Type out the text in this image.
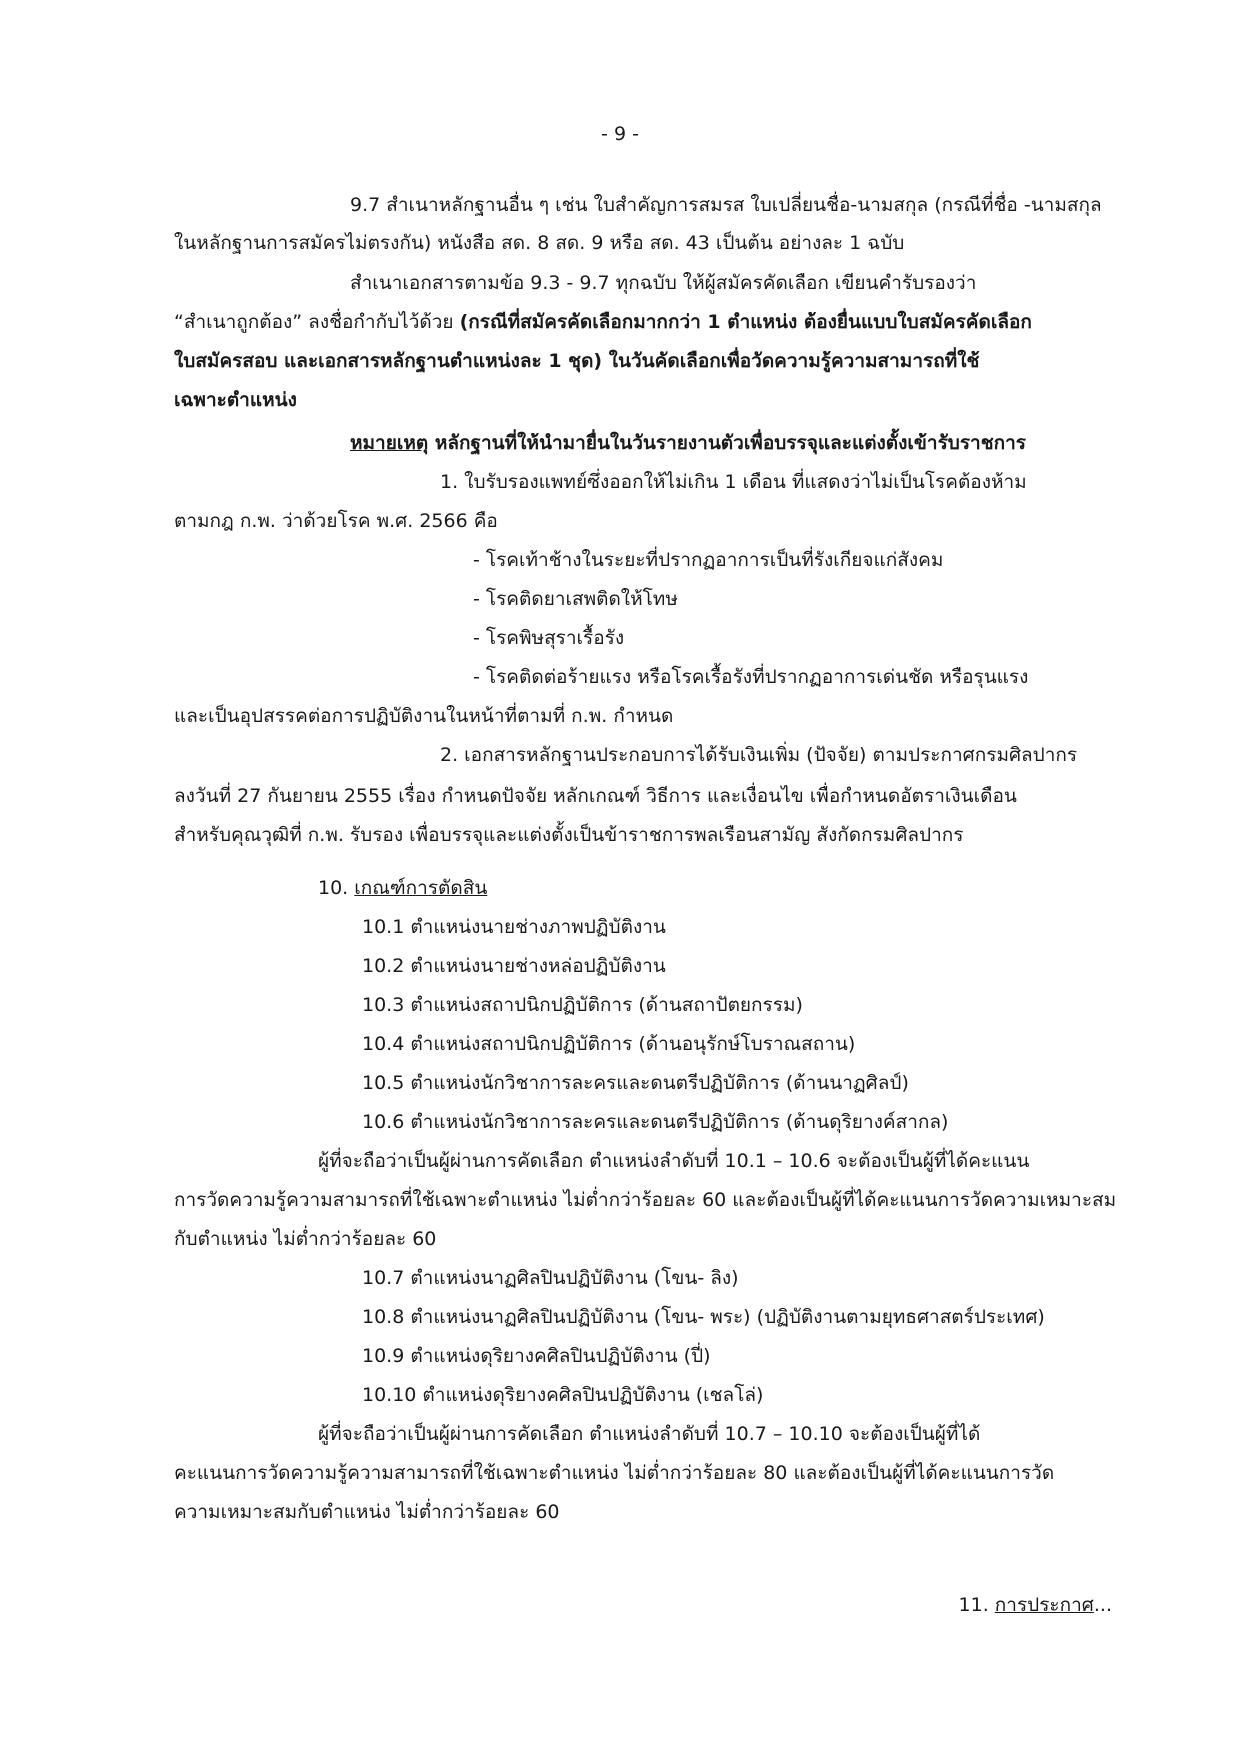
- 9 -
9.7 สำเนาหลักฐานอื่น ๆ เช่น ใบสำคัญการสมรส ใบเปลี่ยนชื่อ-นามสกุล (กรณีที่ชื่อ -นามสกุล
ในหลักฐานการสมัครไม่ตรงกัน) หนังสือ สด. 8 สด. 9 หรือ สด. 43 เป็นต้น อย่างละ 1 ฉบับ
สำเนาเอกสารตามข้อ 9.3 - 9.7 ทุกฉบับ ให้ผู้สมัครคัดเลือก เขียนคำรับรองว่า
“สำเนาถูกต้อง” ลงชื่อกำกับไว้ด้วย (กรณีที่สมัครคัดเลือกมากกว่า 1 ตำแหน่ง ต้องยื่นแบบใบสมัครคัดเลือก
ใบสมัครสอบ และเอกสารหลักฐานตำแหน่งละ 1 ชุด) ในวันคัดเลือกเพื่อวัดความรู้ความสามารถที่ใช้
เฉพาะตำแหน่ง
หมายเหตุ หลักฐานที่ให้นำมายื่นในวันรายงานตัวเพื่อบรรจุและแต่งตั้งเข้ารับราชการ
1. ใบรับรองแพทย์ซึ่งออกให้ไม่เกิน 1 เดือน ที่แสดงว่าไม่เป็นโรคต้องห้าม
ตามกฎ ก.พ. ว่าด้วยโรค พ.ศ. 2566 คือ
- โรคเท้าช้างในระยะที่ปรากฏอาการเป็นที่รังเกียจแก่สังคม
- โรคติดยาเสพติดให้โทษ
- โรคพิษสุราเรื้อรัง
- โรคติดต่อร้ายแรง หรือโรคเรื้อรังที่ปรากฏอาการเด่นชัด หรือรุนแรง
และเป็นอุปสรรคต่อการปฏิบัติงานในหน้าที่ตามที่ ก.พ. กำหนด
2. เอกสารหลักฐานประกอบการได้รับเงินเพิ่ม (ปัจจัย) ตามประกาศกรมศิลปากร
ลงวันที่ 27 กันยายน 2555 เรื่อง กำหนดปัจจัย หลักเกณฑ์ วิธีการ และเงื่อนไข เพื่อกำหนดอัตราเงินเดือน
สำหรับคุณวุฒิที่ ก.พ. รับรอง เพื่อบรรจุและแต่งตั้งเป็นข้าราชการพลเรือนสามัญ สังกัดกรมศิลปากร
10. เกณฑ์การตัดสิน
10.1 ตำแหน่งนายช่างภาพปฏิบัติงาน
10.2 ตำแหน่งนายช่างหล่อปฏิบัติงาน
10.3 ตำแหน่งสถาปนิกปฏิบัติการ (ด้านสถาปัตยกรรม)
10.4 ตำแหน่งสถาปนิกปฏิบัติการ (ด้านอนุรักษ์โบราณสถาน)
10.5 ตำแหน่งนักวิชาการละครและดนตรีปฏิบัติการ (ด้านนาฏศิลป์)
10.6 ตำแหน่งนักวิชาการละครและดนตรีปฏิบัติการ (ด้านดุริยางค์สากล)
ผู้ที่จะถือว่าเป็นผู้ผ่านการคัดเลือก ตำแหน่งลำดับที่ 10.1 – 10.6 จะต้องเป็นผู้ที่ได้คะแนน
การวัดความรู้ความสามารถที่ใช้เฉพาะตำแหน่ง ไม่ต่ำกว่าร้อยละ 60 และต้องเป็นผู้ที่ได้คะแนนการวัดความเหมาะสม
กับตำแหน่ง ไม่ต่ำกว่าร้อยละ 60
10.7 ตำแหน่งนาฏศิลปินปฏิบัติงาน (โขน- ลิง)
10.8 ตำแหน่งนาฏศิลปินปฏิบัติงาน (โขน- พระ) (ปฏิบัติงานตามยุทธศาสตร์ประเทศ)
10.9 ตำแหน่งดุริยางคศิลปินปฏิบัติงาน (ปี่)
10.10 ตำแหน่งดุริยางคศิลปินปฏิบัติงาน (เชลโล่)
ผู้ที่จะถือว่าเป็นผู้ผ่านการคัดเลือก ตำแหน่งลำดับที่ 10.7 – 10.10 จะต้องเป็นผู้ที่ได้
คะแนนการวัดความรู้ความสามารถที่ใช้เฉพาะตำแหน่ง ไม่ต่ำกว่าร้อยละ 80 และต้องเป็นผู้ที่ได้คะแนนการวัด
ความเหมาะสมกับตำแหน่ง ไม่ต่ำกว่าร้อยละ 60
11. การประกาศ...
